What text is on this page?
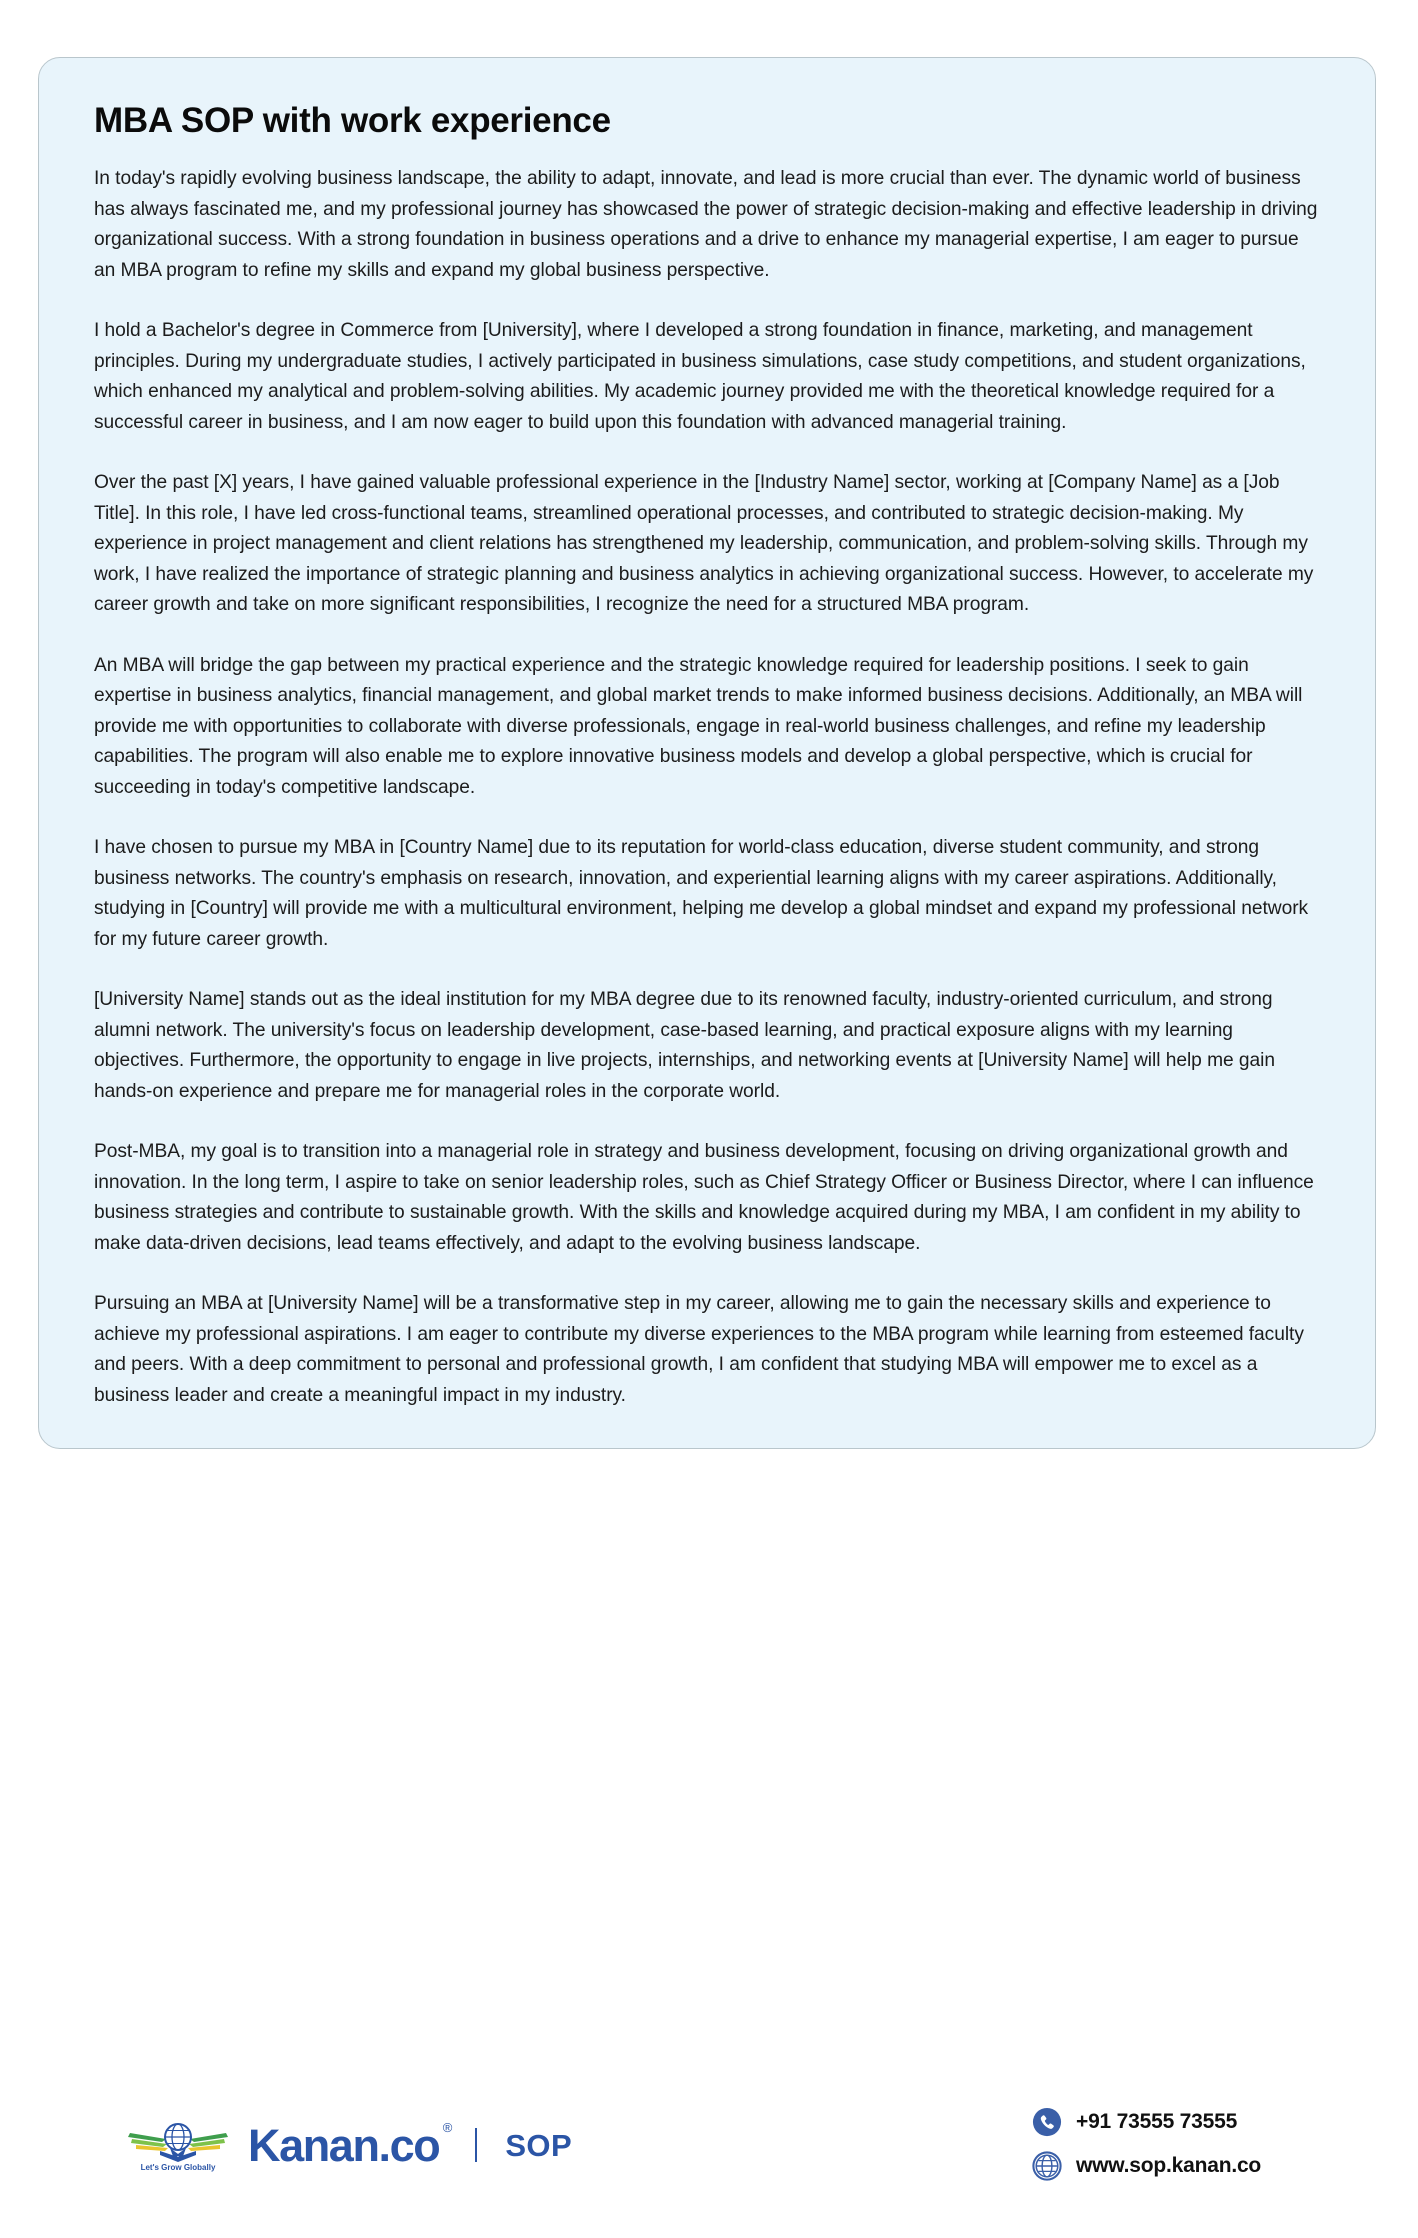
MBA SOP with work experience

In today's rapidly evolving business landscape, the ability to adapt, innovate, and lead is more crucial than ever. The dynamic world of business has always fascinated me, and my professional journey has showcased the power of strategic decision-making and effective leadership in driving organizational success. With a strong foundation in business operations and a drive to enhance my managerial expertise, I am eager to pursue an MBA program to refine my skills and expand my global business perspective.

I hold a Bachelor's degree in Commerce from [University], where I developed a strong foundation in finance, marketing, and management principles. During my undergraduate studies, I actively participated in business simulations, case study competitions, and student organizations, which enhanced my analytical and problem-solving abilities. My academic journey provided me with the theoretical knowledge required for a successful career in business, and I am now eager to build upon this foundation with advanced managerial training.

Over the past [X] years, I have gained valuable professional experience in the [Industry Name] sector, working at [Company Name] as a [Job Title]. In this role, I have led cross-functional teams, streamlined operational processes, and contributed to strategic decision-making. My experience in project management and client relations has strengthened my leadership, communication, and problem-solving skills. Through my work, I have realized the importance of strategic planning and business analytics in achieving organizational success. However, to accelerate my career growth and take on more significant responsibilities, I recognize the need for a structured MBA program.

An MBA will bridge the gap between my practical experience and the strategic knowledge required for leadership positions. I seek to gain expertise in business analytics, financial management, and global market trends to make informed business decisions. Additionally, an MBA will provide me with opportunities to collaborate with diverse professionals, engage in real-world business challenges, and refine my leadership capabilities. The program will also enable me to explore innovative business models and develop a global perspective, which is crucial for succeeding in today's competitive landscape.

I have chosen to pursue my MBA in [Country Name] due to its reputation for world-class education, diverse student community, and strong business networks. The country's emphasis on research, innovation, and experiential learning aligns with my career aspirations. Additionally, studying in [Country] will provide me with a multicultural environment, helping me develop a global mindset and expand my professional network for my future career growth.

[University Name] stands out as the ideal institution for my MBA degree due to its renowned faculty, industry-oriented curriculum, and strong alumni network. The university's focus on leadership development, case-based learning, and practical exposure aligns with my learning objectives. Furthermore, the opportunity to engage in live projects, internships, and networking events at [University Name] will help me gain hands-on experience and prepare me for managerial roles in the corporate world.

Post-MBA, my goal is to transition into a managerial role in strategy and business development, focusing on driving organizational growth and innovation. In the long term, I aspire to take on senior leadership roles, such as Chief Strategy Officer or Business Director, where I can influence business strategies and contribute to sustainable growth. With the skills and knowledge acquired during my MBA, I am confident in my ability to make data-driven decisions, lead teams effectively, and adapt to the evolving business landscape.

Pursuing an MBA at [University Name] will be a transformative step in my career, allowing me to gain the necessary skills and experience to achieve my professional aspirations. I am eager to contribute my diverse experiences to the MBA program while learning from esteemed faculty and peers. With a deep commitment to personal and professional growth, I am confident that studying MBA will empower me to excel as a business leader and create a meaningful impact in my industry.

Let's Grow Globally Kanan.co ®
SOP
+91 73555 73555
www.sop.kanan.co
